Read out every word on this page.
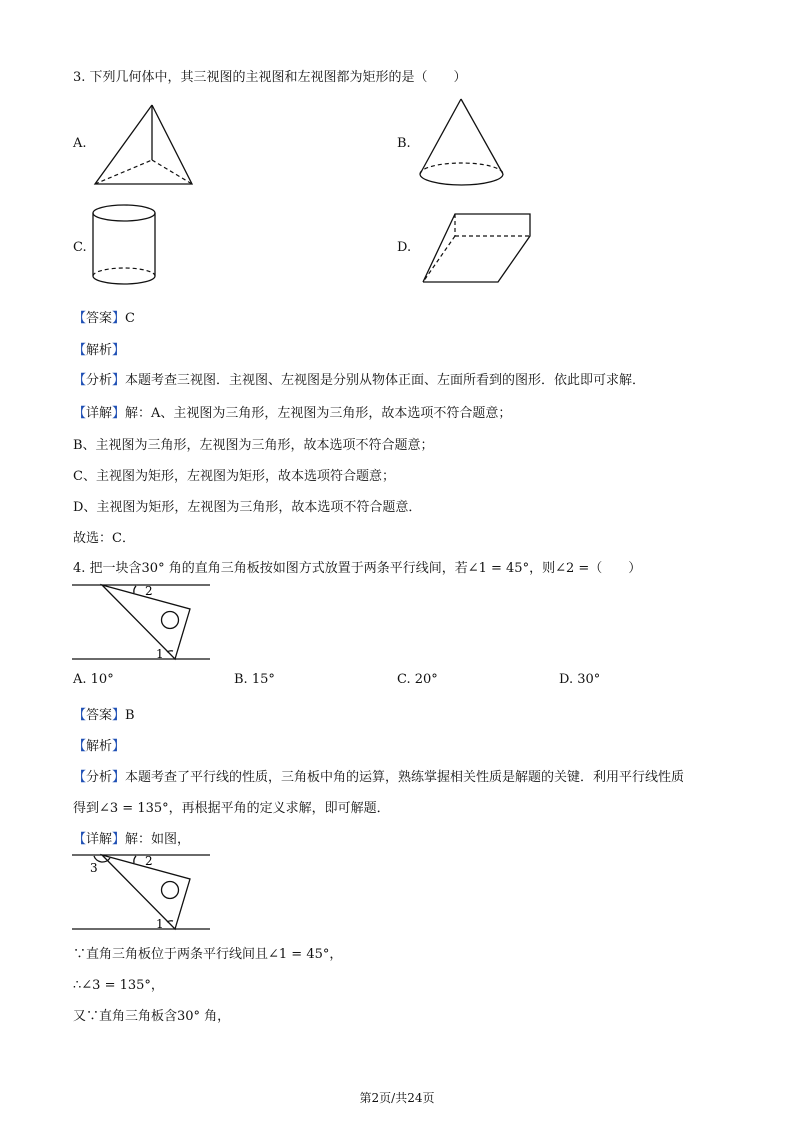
3. 下列几何体中，其三视图的主视图和左视图都为矩形的是（　　）
A.	B.
C.	D.
【答案】C
【解析】
【分析】本题考查三视图．主视图、左视图是分别从物体正面、左面所看到的图形．依此即可求解．
【详解】解：A、主视图为三角形，左视图为三角形，故本选项不符合题意；
B、主视图为三角形，左视图为三角形，故本选项不符合题意；
C、主视图为矩形，左视图为矩形，故本选项符合题意；
D、主视图为矩形，左视图为三角形，故本选项不符合题意．
故选：C．
4. 把一块含30° 角的直角三角板按如图方式放置于两条平行线间，若∠1 = 45°，则∠2 =（　　）
2
1
A. 10°	B. 15°	C. 20°	D. 30°
【答案】B
【解析】
【分析】本题考查了平行线的性质，三角板中角的运算，熟练掌握相关性质是解题的关键．利用平行线性质
得到∠3 = 135°，再根据平角的定义求解，即可解题．
【详解】解：如图，
2
3
1
∵直角三角板位于两条平行线间且∠1 = 45°，
∴∠3 = 135°，
又∵直角三角板含30° 角，
第2页/共24页
